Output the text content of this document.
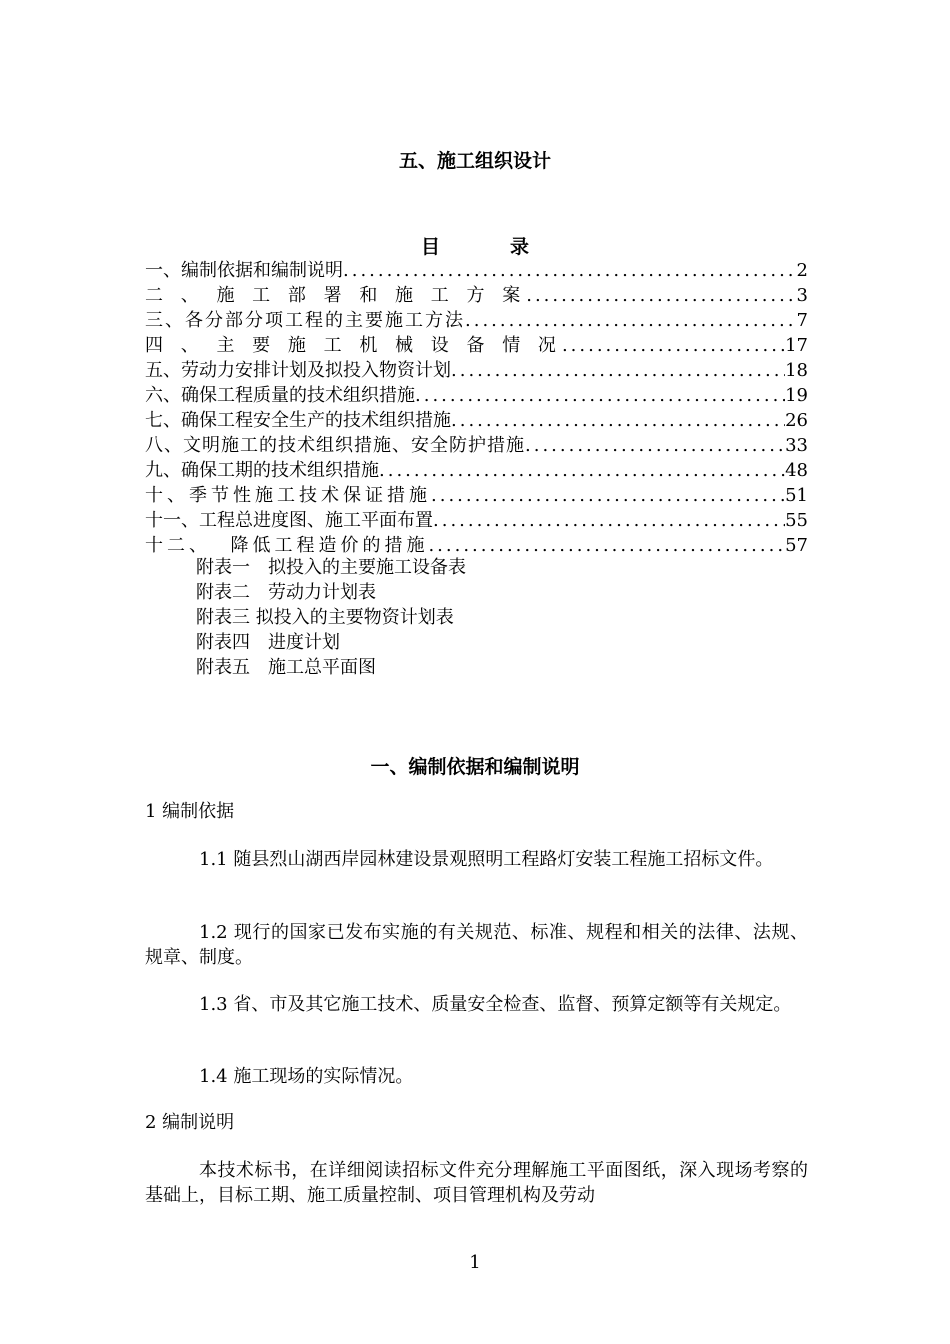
五、施工组织设计
目	录
一、编制依据和编制说明 .....	2
二 、 施 工 部 署 和 施 工 方 案 .....	3
三、各分部分项工程的主要施工方法 .....	7
四 、 主 要 施 工 机 械 设 备 情 况 .....	17
五、劳动力安排计划及拟投入物资计划 .....	18
六、确保工程质量的技术组织措施 .....	19
七、确保工程安全生产的技术组织措施 .....	26
八、文明施工的技术组织措施、安全防护措施 .....	33
九、确保工期的技术组织措施 .....	48
十、季节性施工技术保证措施 .....	51
十一、工程总进度图、施工平面布置 .....	55
十二、  降低工程造价的措施 .....	57
附表一　拟投入的主要施工设备表
附表二　劳动力计划表
附表三 拟投入的主要物资计划表
附表四　进度计划
附表五　施工总平面图
一、编制依据和编制说明
1 编制依据
1.1 随县烈山湖西岸园林建设景观照明工程路灯安装工程施工招标文件。
1.2 现行的国家已发布实施的有关规范、标准、规程和相关的法律、法规、规章、制度。
1.3 省、市及其它施工技术、质量安全检查、监督、预算定额等有关规定。
1.4 施工现场的实际情况。
2 编制说明
本技术标书，在详细阅读招标文件充分理解施工平面图纸，深入现场考察的基础上，目标工期、施工质量控制、项目管理机构及劳动
1
